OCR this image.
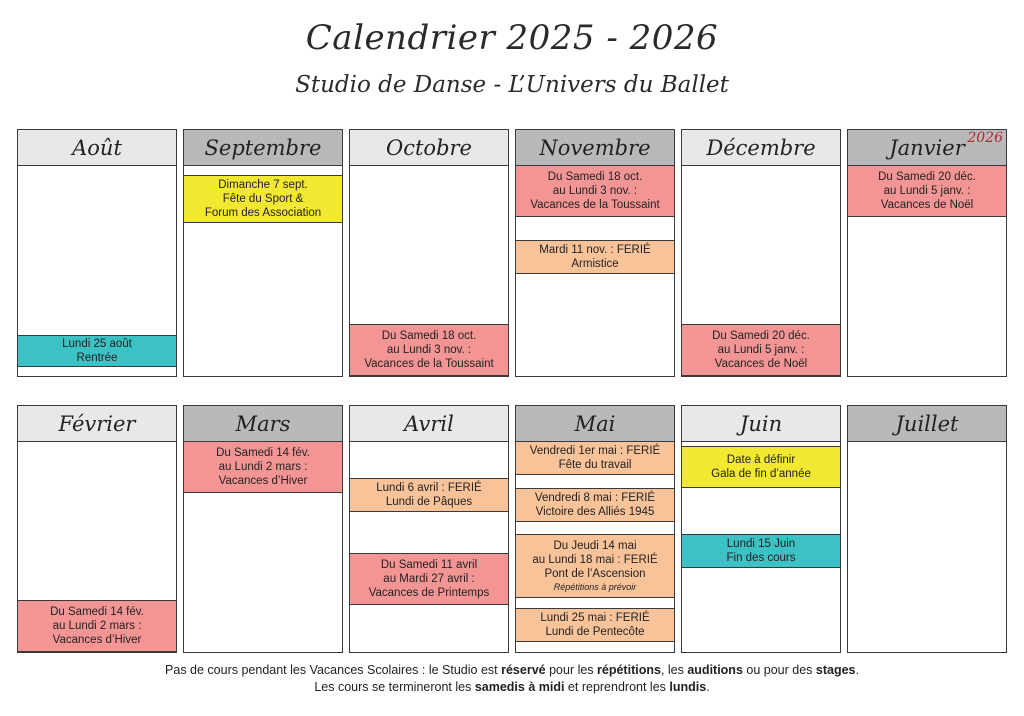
Calendrier 2025 - 2026
Studio de Danse - L’Univers du Ballet
Août
Lundi 25 août
Rentrée
Septembre
Dimanche 7 sept.
Fête du Sport &
Forum des Association
Octobre
Du Samedi 18 oct.
au Lundi 3 nov. :
Vacances de la Toussaint
Novembre
Du Samedi 18 oct.
au Lundi 3 nov. :
Vacances de la Toussaint
Mardi 11 nov. : FERIÉ
Armistice
Décembre
Du Samedi 20 déc.
au Lundi 5 janv. :
Vacances de Noël
Janvier 2026
Du Samedi 20 déc.
au Lundi 5 janv. :
Vacances de Noël
Février
Du Samedi 14 fév.
au Lundi 2 mars :
Vacances d’Hiver
Mars
Du Samedi 14 fév.
au Lundi 2 mars :
Vacances d’Hiver
Avril
Lundi 6 avril : FERIÉ
Lundi de Pâques
Du Samedi 11 avril
au Mardi 27 avril :
Vacances de Printemps
Mai
Vendredi 1er mai : FERIÉ
Fête du travail
Vendredi 8 mai : FERIÉ
Victoire des Alliés 1945
Du Jeudi 14 mai
au Lundi 18 mai : FERIÉ
Pont de l’Ascension
Répétitions à prévoir
Lundi 25 mai : FERIÉ
Lundi de Pentecôte
Juin
Date à définir
Gala de fin d’année
Lundi 15 Juin
Fin des cours
Juillet
Pas de cours pendant les Vacances Scolaires : le Studio est réservé pour les répétitions, les auditions ou pour des stages.
Les cours se termineront les samedis à midi et reprendront les lundis.
